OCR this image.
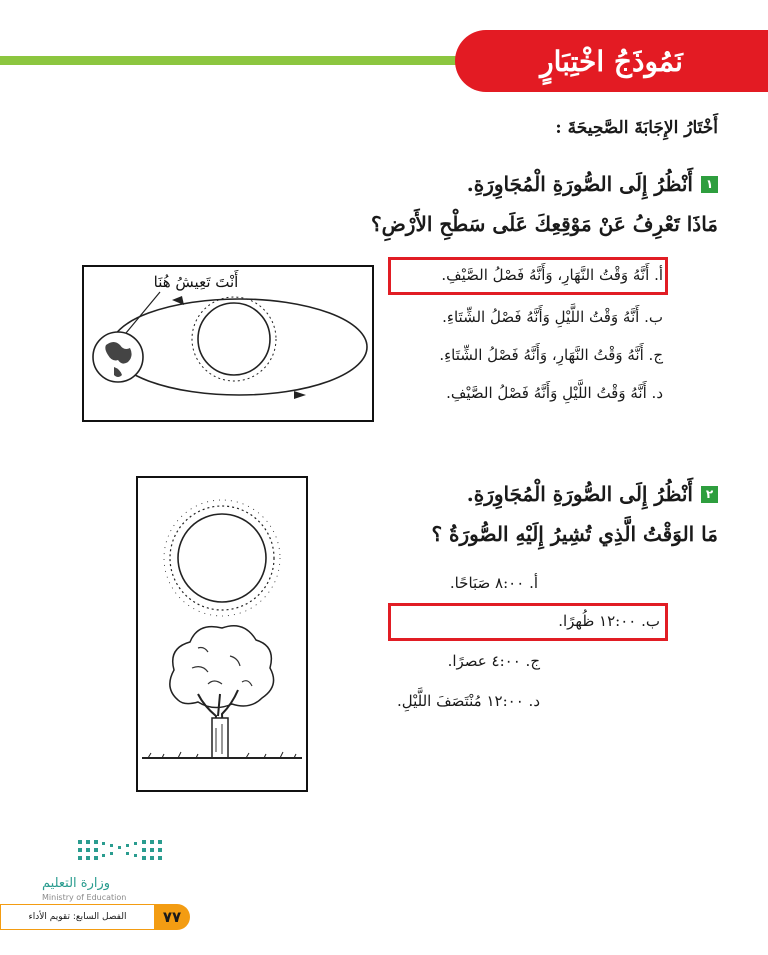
نَمُوذَجُ اخْتِبَارٍ
أَخْتَارُ الإِجَابَةَ الصَّحِيحَةَ :
١
أَنْظُرُ إِلَى الصُّورَةِ الْمُجَاوِرَةِ.
مَاذَا تَعْرِفُ عَنْ مَوْقِعِكَ عَلَى سَطْحِ الأَرْضِ؟
أ. أَنَّهُ وَقْتُ النَّهَارِ، وَأَنَّهُ فَصْلُ الصَّيْفِ.
ب. أَنَّهُ وَقْتُ اللَّيْلِ وَأَنَّهُ فَصْلُ الشِّتَاءِ.
ج. أَنَّهُ وَقْتُ النَّهَارِ، وَأَنَّهُ فَصْلُ الشِّتَاءِ.
د. أَنَّهُ وَقْتُ اللَّيْلِ وَأَنَّهُ فَصْلُ الصَّيْفِ.
أَنْتَ تَعِيشُ هُنَا
٢
أَنْظُرُ إِلَى الصُّورَةِ الْمُجَاوِرَةِ.
مَا الوَقْتُ الَّذِي تُشِيرُ إِلَيْهِ الصُّورَةُ ؟
أ. ٨:٠٠ صَبَاحًا.
ب. ١٢:٠٠ ظُهرًا.
ج. ٤:٠٠ عصرًا.
د. ١٢:٠٠ مُنْتَصَفَ اللَّيْلِ.
وزارة التعليم
Ministry of Education
الفصل السابع: تقويم الأداء	٧٧
